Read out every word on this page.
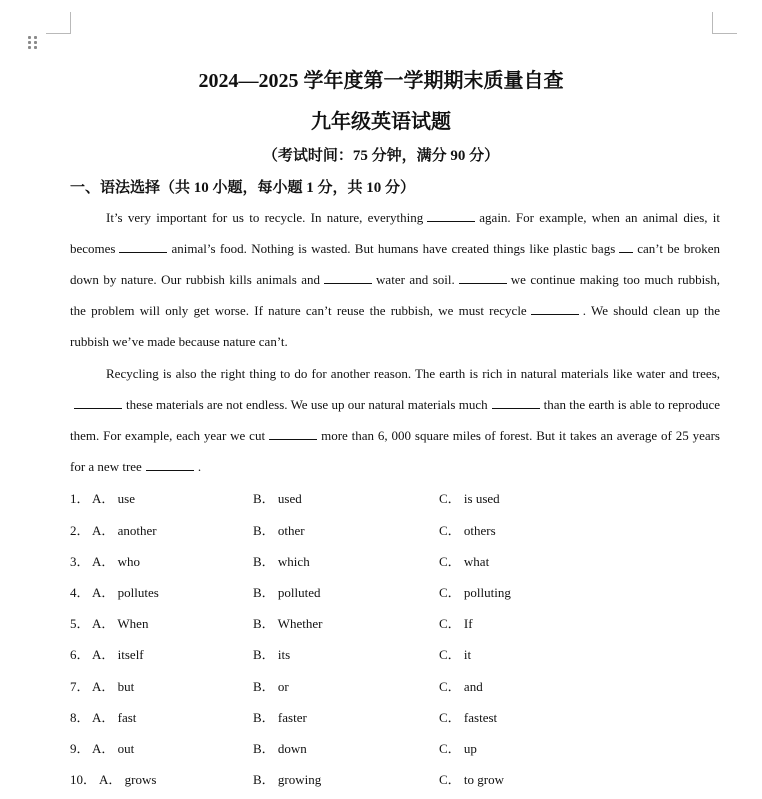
2024—2025 学年度第一学期期末质量自查
九年级英语试题
（考试时间：75 分钟，满分 90 分）
一、语法选择（共 10 小题，每小题 1 分，共 10 分）
It’s very important for us to recycle. In nature, everything	again. For example, when an animal dies, it becomes	animal’s food. Nothing is wasted. But humans have created things like plastic bags can’t be broken down by nature. Our rubbish kills animals and	water and soil.	we continue making too much rubbish, the problem will only get worse. If nature can’t reuse the rubbish, we must recycle	. We should clean up the rubbish we’ve made because nature can’t.
Recycling is also the right thing to do for another reason. The earth is rich in natural materials like water and trees,these materials are not endless. We use up our natural materials much	than the earth is able to reproduce them. For example, each year we cut	more than 6, 000 square miles of forest. But it takes an average of 25 years for a new tree	.
1． A． use	B． used	C． is used
2． A． another	B． other	C． others
3． A． who	B． which	C． what
4． A． pollutes	B． polluted	C． polluting
5． A． When	B． Whether	C． If
6． A． itself	B． its	C． it
7． A． but	B． or	C． and
8． A． fast	B． faster	C． fastest
9． A． out	B． down	C． up
10． A． grows	B． growing	C． to grow
